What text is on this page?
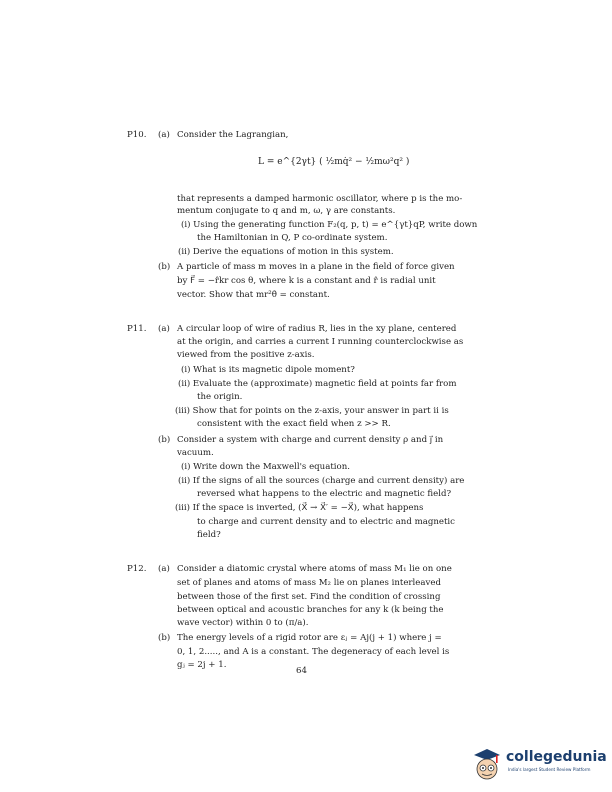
P10. (a) Consider the Lagrangian,
L = e^{2γt} ( ½mq̇² − ½mω²q² )
that represents a damped harmonic oscillator, where p is the mo-
mentum conjugate to q and m, ω, γ are constants.
(i) Using the generating function F₂(q, p, t) = e^{γt}qP, write down
the Hamiltonian in Q, P co-ordinate system.
(ii) Derive the equations of motion in this system.
(b) A particle of mass m moves in a plane in the field of force given
by F⃗ = −r̂kr cos θ, where k is a constant and r̂ is radial unit
vector. Show that mr²θ̇ = constant.
P11. (a) A circular loop of wire of radius R, lies in the xy plane, centered
at the origin, and carries a current I running counterclockwise as
viewed from the positive z-axis.
(i) What is its magnetic dipole moment?
(ii) Evaluate the (approximate) magnetic field at points far from
the origin.
(iii) Show that for points on the z-axis, your answer in part ii is
consistent with the exact field when z >> R.
(b) Consider a system with charge and current density ρ and j⃗ in
vacuum.
(i) Write down the Maxwell's equation.
(ii) If the signs of all the sources (charge and current density) are
reversed what happens to the electric and magnetic field?
(iii) If the space is inverted, (X⃗ → X⃗′ = −X⃗), what happens
to charge and current density and to electric and magnetic
field?
P12. (a) Consider a diatomic crystal where atoms of mass M₁ lie on one
set of planes and atoms of mass M₂ lie on planes interleaved
between those of the first set. Find the condition of crossing
between optical and acoustic branches for any k (k being the
wave vector) within 0 to (π/a).
(b) The energy levels of a rigid rotor are εⱼ = Aj(j + 1) where j =
0, 1, 2....., and A is a constant. The degeneracy of each level is
gⱼ = 2j + 1.
64
collegedunia
India's largest Student Review Platform
